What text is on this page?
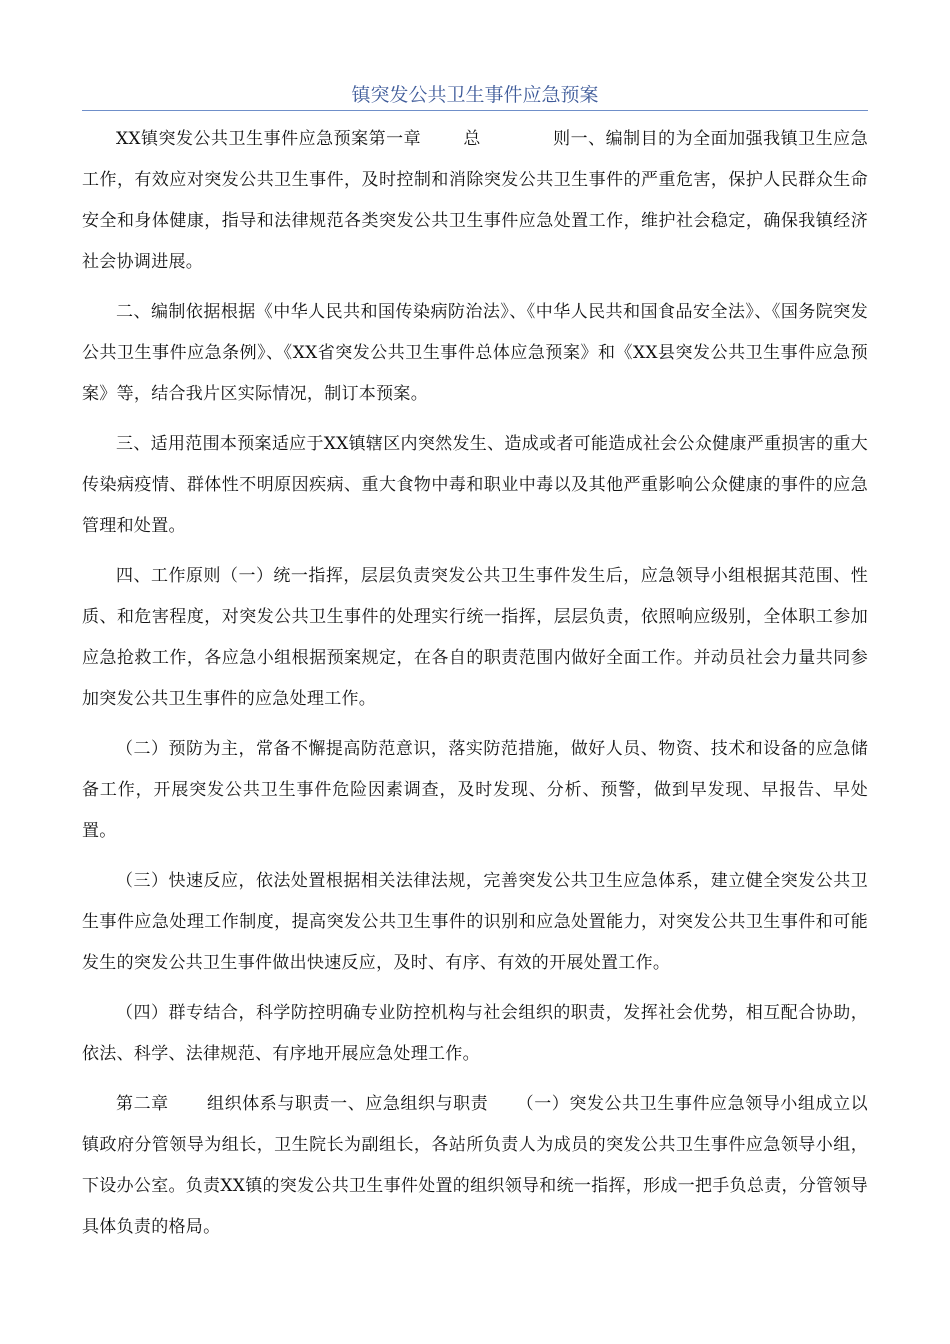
镇突发公共卫生事件应急预案

XX镇突发公共卫生事件应急预案第一章 总	则一、编制目的为全面加强我镇卫生应急工作，有效应对突发公共卫生事件，及时控制和消除突发公共卫生事件的严重危害，保护人民群众生命安全和身体健康，指导和法律规范各类突发公共卫生事件应急处置工作，维护社会稳定，确保我镇经济社会协调进展。

二、编制依据根据《中华人民共和国传染病防治法》、《中华人民共和国食品安全法》、《国务院突发公共卫生事件应急条例》、《XX省突发公共卫生事件总体应急预案》和《XX县突发公共卫生事件应急预案》等，结合我片区实际情况，制订本预案。

三、适用范围本预案适应于XX镇辖区内突然发生、造成或者可能造成社会公众健康严重损害的重大传染病疫情、群体性不明原因疾病、重大食物中毒和职业中毒以及其他严重影响公众健康的事件的应急管理和处置。

四、工作原则（一）统一指挥，层层负责突发公共卫生事件发生后，应急领导小组根据其范围、性质、和危害程度，对突发公共卫生事件的处理实行统一指挥，层层负责，依照响应级别，全体职工参加应急抢救工作，各应急小组根据预案规定，在各自的职责范围内做好全面工作。并动员社会力量共同参加突发公共卫生事件的应急处理工作。

（二）预防为主，常备不懈提高防范意识，落实防范措施，做好人员、物资、技术和设备的应急储备工作，开展突发公共卫生事件危险因素调查，及时发现、分析、预警，做到早发现、早报告、早处置。

（三）快速反应，依法处置根据相关法律法规，完善突发公共卫生应急体系，建立健全突发公共卫生事件应急处理工作制度，提高突发公共卫生事件的识别和应急处置能力，对突发公共卫生事件和可能发生的突发公共卫生事件做出快速反应，及时、有序、有效的开展处置工作。

（四）群专结合，科学防控明确专业防控机构与社会组织的职责，发挥社会优势，相互配合协助，依法、科学、法律规范、有序地开展应急处理工作。

第二章 组织体系与职责一、应急组织与职责 （一）突发公共卫生事件应急领导小组成立以镇政府分管领导为组长，卫生院长为副组长，各站所负责人为成员的突发公共卫生事件应急领导小组，下设办公室。负责XX镇的突发公共卫生事件处置的组织领导和统一指挥，形成一把手负总责，分管领导具体负责的格局。
